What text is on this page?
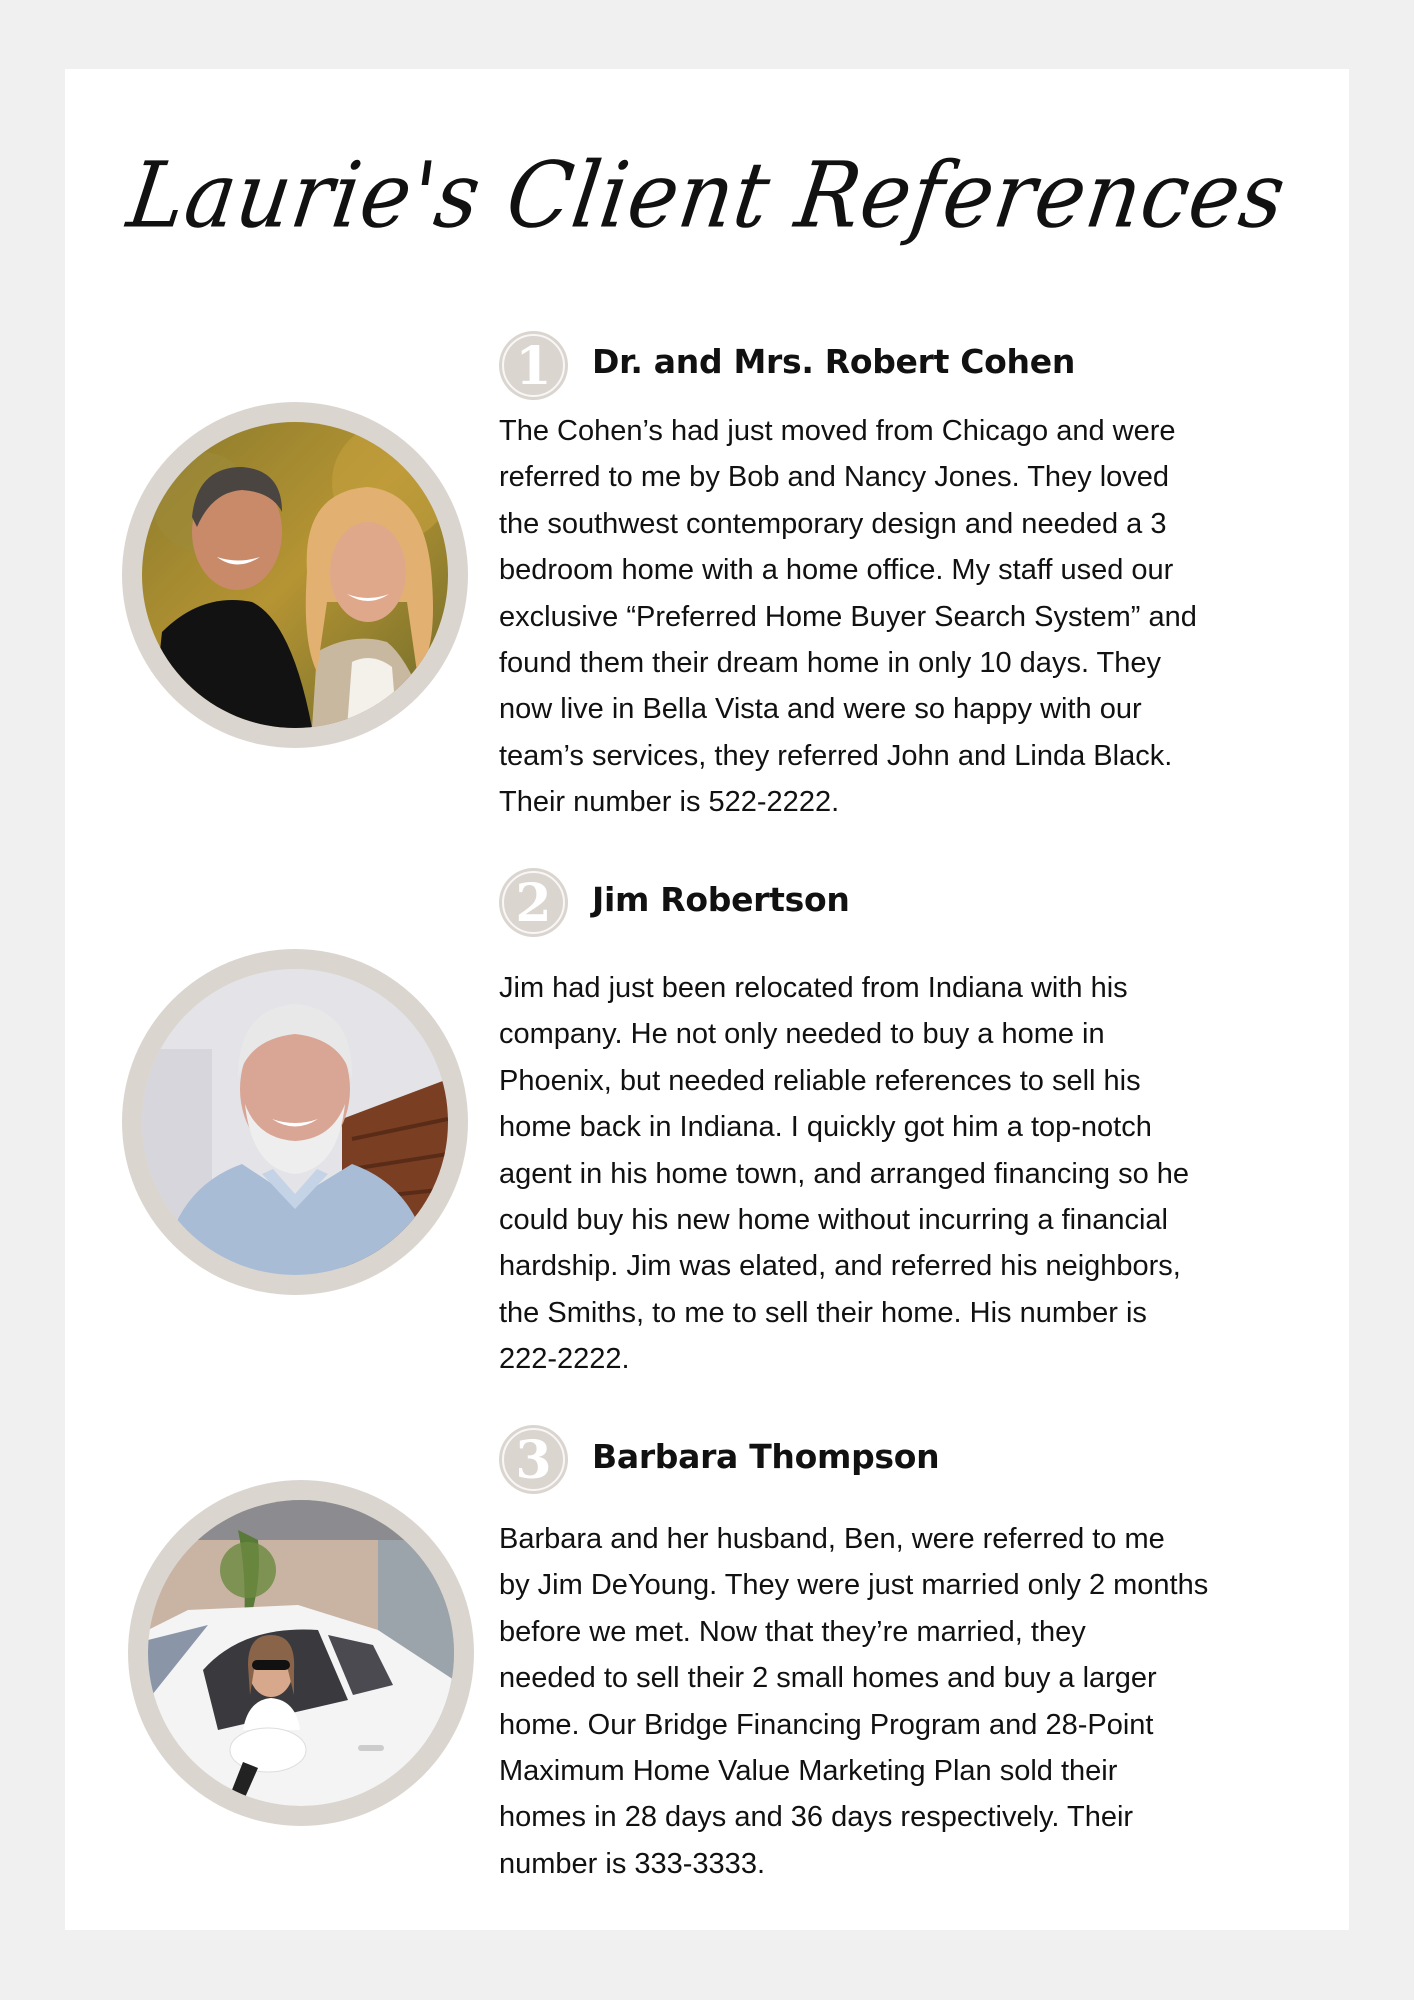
Laurie's Client References
1 Dr. and Mrs. Robert Cohen
The Cohen’s had just moved from Chicago and were
referred to me by Bob and Nancy Jones. They loved
the southwest contemporary design and needed a 3
bedroom home with a home office. My staff used our
exclusive “Preferred Home Buyer Search System” and
found them their dream home in only 10 days. They
now live in Bella Vista and were so happy with our
team’s services, they referred John and Linda Black.
Their number is 522-2222.
2 Jim Robertson
Jim had just been relocated from Indiana with his
company. He not only needed to buy a home in
Phoenix, but needed reliable references to sell his
home back in Indiana. I quickly got him a top-notch
agent in his home town, and arranged financing so he
could buy his new home without incurring a financial
hardship. Jim was elated, and referred his neighbors,
the Smiths, to me to sell their home. His number is
222-2222.
3 Barbara Thompson
Barbara and her husband, Ben, were referred to me
by Jim DeYoung. They were just married only 2 months
before we met. Now that they’re married, they
needed to sell their 2 small homes and buy a larger
home. Our Bridge Financing Program and 28-Point
Maximum Home Value Marketing Plan sold their
homes in 28 days and 36 days respectively. Their
number is 333-3333.
